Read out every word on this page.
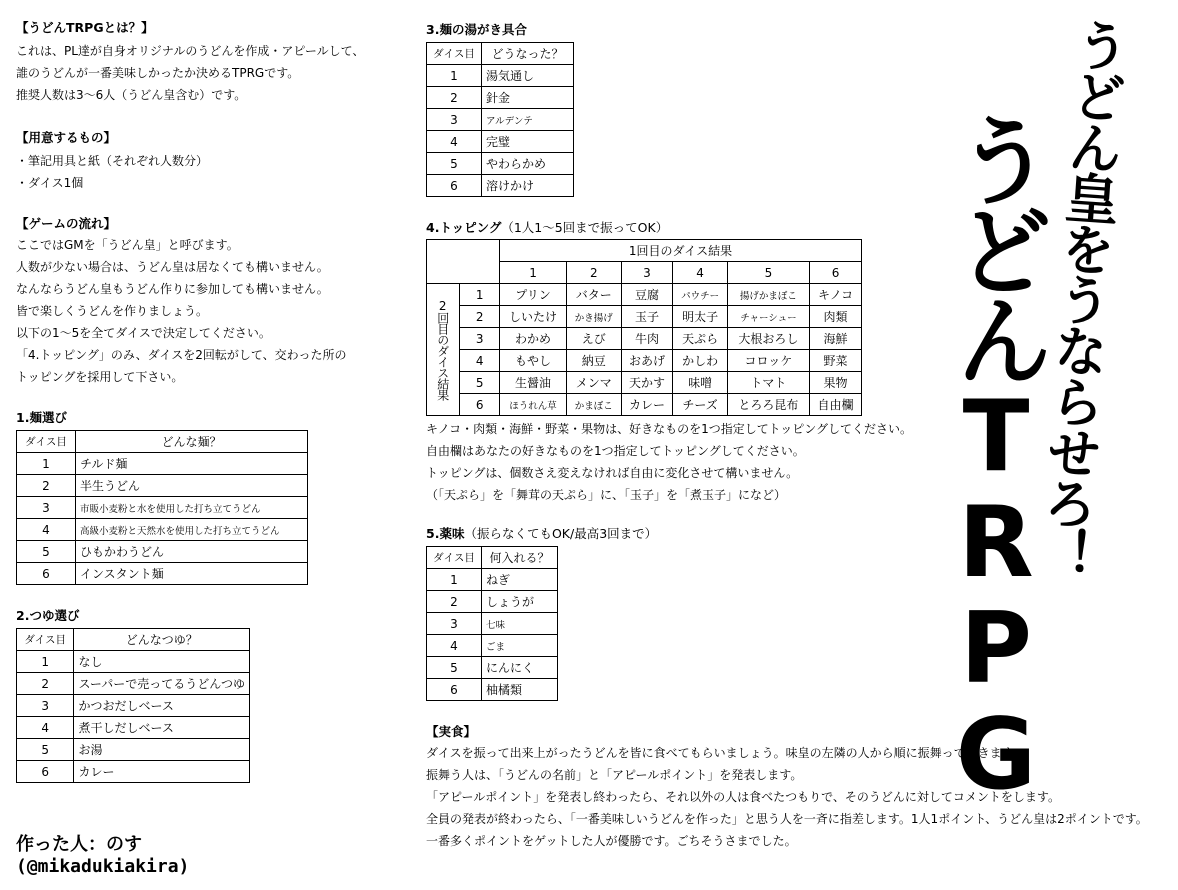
【うどんTRPGとは？】
これは、PL達が自身オリジナルのうどんを作成・アピールして、
誰のうどんが一番美味しかったか決めるTPRGです。
推奨人数は3～6人（うどん皇含む）です。
【用意するもの】
・筆記用具と紙（それぞれ人数分）
・ダイス1個
【ゲームの流れ】
ここではGMを「うどん皇」と呼びます。
人数が少ない場合は、うどん皇は居なくても構いません。
なんならうどん皇もうどん作りに参加しても構いません。
皆で楽しくうどんを作りましょう。
以下の1～5を全てダイスで決定してください。
「4.トッピング」のみ、ダイスを2回転がして、交わった所の
トッピングを採用して下さい。
1.麺選び
ダイス目	どんな麺？
1	チルド麺
2	半生うどん
3	市販小麦粉と水を使用した打ち立てうどん
4	高級小麦粉と天然水を使用した打ち立てうどん
5	ひもかわうどん
6	インスタント麺
2.つゆ選び
ダイス目	どんなつゆ？
1	なし
2	スーパーで売ってるうどんつゆ
3	かつおだしベース
4	煮干しだしベース
5	お湯
6	カレー
作った人：のす
(@mikadukiakira)
3.麺の湯がき具合
ダイス目	どうなった？
1	湯気通し
2	針金
3	アルデンテ
4	完璧
5	やわらかめ
6	溶けかけ
4.トッピング（1人1～5回まで振ってOK）
		1回目のダイス結果					
		1	2	3	4	5	6

2回目のダイス結果	1	プリン	バター	豆腐	パウチー	揚げかまぼこ	キノコ
	2	しいたけ	かき揚げ	玉子	明太子	チャーシュー	肉類
	3	わかめ	えび	牛肉	天ぷら	大根おろし	海鮮
	4	もやし	納豆	おあげ	かしわ	コロッケ	野菜
	5	生醤油	メンマ	天かす	味噌	トマト	果物
	6	ほうれん草	かまぼこ	カレー	チーズ	とろろ昆布	自由欄
キノコ・肉類・海鮮・野菜・果物は、好きなものを1つ指定してトッピングしてください。
自由欄はあなたの好きなものを1つ指定してトッピングしてください。
トッピングは、個数さえ変えなければ自由に変化させて構いません。
（「天ぷら」を「舞茸の天ぷら」に、「玉子」を「煮玉子」になど）
5.薬味（振らなくてもOK/最高3回まで）
ダイス目	何入れる？
1	ねぎ
2	しょうが
3	七味
4	ごま
5	にんにく
6	柚橘類
【実食】
ダイスを振って出来上がったうどんを皆に食べてもらいましょう。味皇の左隣の人から順に振舞っていきます。
振舞う人は、「うどんの名前」と「アピールポイント」を発表します。
「アピールポイント」を発表し終わったら、それ以外の人は食べたつもりで、そのうどんに対してコメントをします。
全員の発表が終わったら、「一番美味しいうどんを作った」と思う人を一斉に指差します。1人1ポイント、うどん皇は2ポイントです。
一番多くポイントをゲットした人が優勝です。ごちそうさまでした。
うどん皇をうならせろ！
うどんTRPG
